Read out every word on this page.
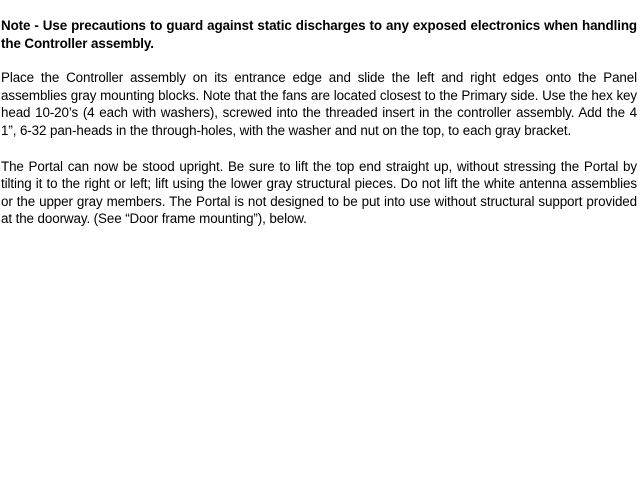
Note - Use precautions to guard against static discharges to any exposed electronics when handling the Controller assembly.

Place the Controller assembly on its entrance edge and slide the left and right edges onto the Panel assemblies gray mounting blocks. Note that the fans are located closest to the Primary side. Use the hex key head 10-20’s (4 each with washers), screwed into the threaded insert in the controller assembly. Add the 4 1”, 6-32 pan-heads in the through-holes, with the washer and nut on the top, to each gray bracket.

The Portal can now be stood upright. Be sure to lift the top end straight up, without stressing the Portal by tilting it to the right or left; lift using the lower gray structural pieces. Do not lift the white antenna assemblies or the upper gray members. The Portal is not designed to be put into use without structural support provided at the doorway. (See “Door frame mounting”), below.
